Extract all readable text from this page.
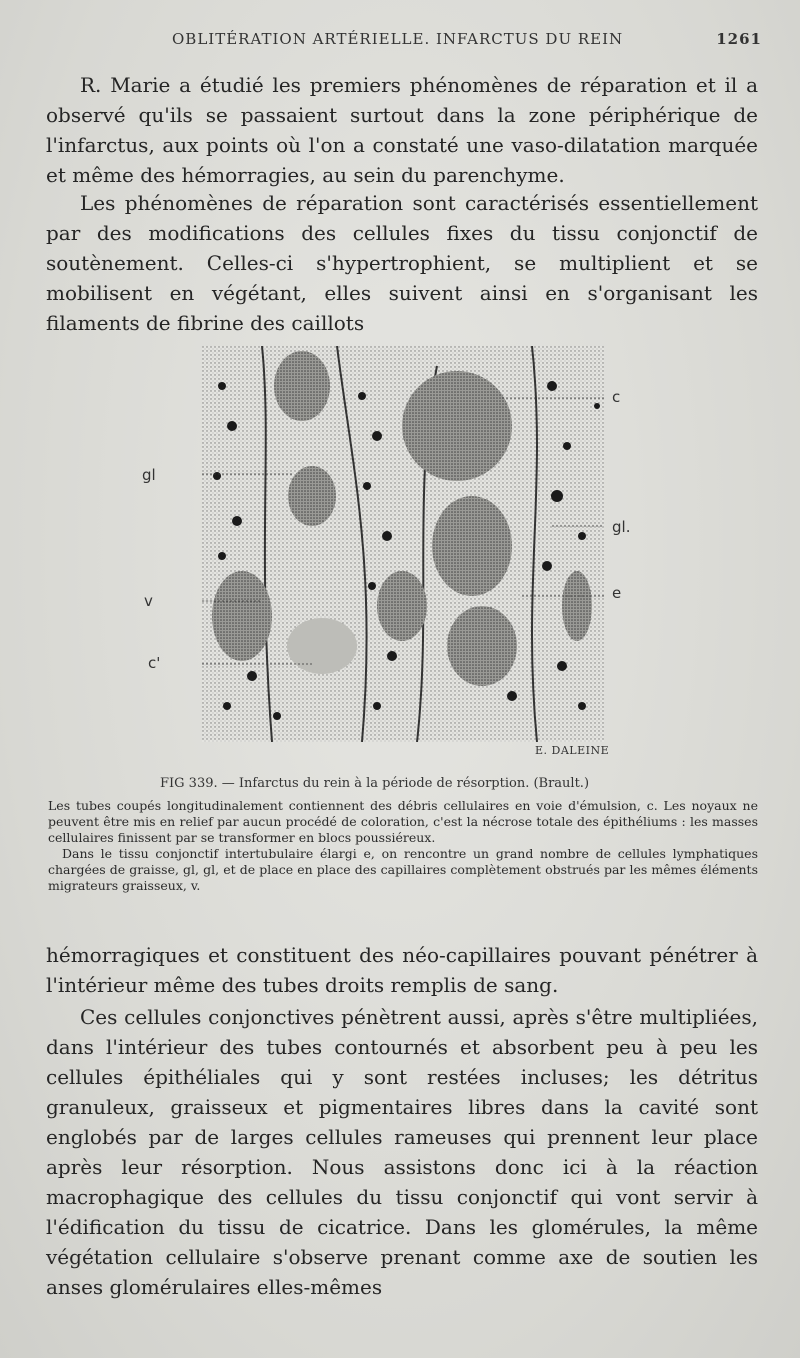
OBLITÉRATION ARTÉRIELLE. INFARCTUS DU REIN	1261

R. Marie a étudié les premiers phénomènes de réparation et il a observé qu'ils se passaient surtout dans la zone périphérique de l'infarctus, aux points où l'on a constaté une vaso-dilatation marquée et même des hémorragies, au sein du parenchyme.

Les phénomènes de réparation sont caractérisés essentiellement par des modifications des cellules fixes du tissu conjonctif de soutènement. Celles-ci s'hypertrophient, se multiplient et se mobilisent en végétant, elles suivent ainsi en s'organisant les filaments de fibrine des caillots

c
gl
gl.
v	e
c'
E. DALEINE
FIG 339. — Infarctus du rein à la période de résorption. (Brault.)

Les tubes coupés longitudinalement contiennent des débris cellulaires en voie d'émulsion, c. Les noyaux ne peuvent être mis en relief par aucun procédé de coloration, c'est la nécrose totale des épithéliums : les masses cellulaires finissent par se transformer en blocs poussiéreux.

Dans le tissu conjonctif intertubulaire élargi e, on rencontre un grand nombre de cellules lymphatiques chargées de graisse, gl, gl, et de place en place des capillaires complètement obstrués par les mêmes éléments migrateurs graisseux, v.

hémorragiques et constituent des néo-capillaires pouvant pénétrer à l'intérieur même des tubes droits remplis de sang.

Ces cellules conjonctives pénètrent aussi, après s'être multipliées, dans l'intérieur des tubes contournés et absorbent peu à peu les cellules épithéliales qui y sont restées incluses; les détritus granuleux, graisseux et pigmentaires libres dans la cavité sont englobés par de larges cellules rameuses qui prennent leur place après leur résorption. Nous assistons donc ici à la réaction macrophagique des cellules du tissu conjonctif qui vont servir à l'édification du tissu de cicatrice. Dans les glomérules, la même végétation cellulaire s'observe prenant comme axe de soutien les anses glomérulaires elles-mêmes
